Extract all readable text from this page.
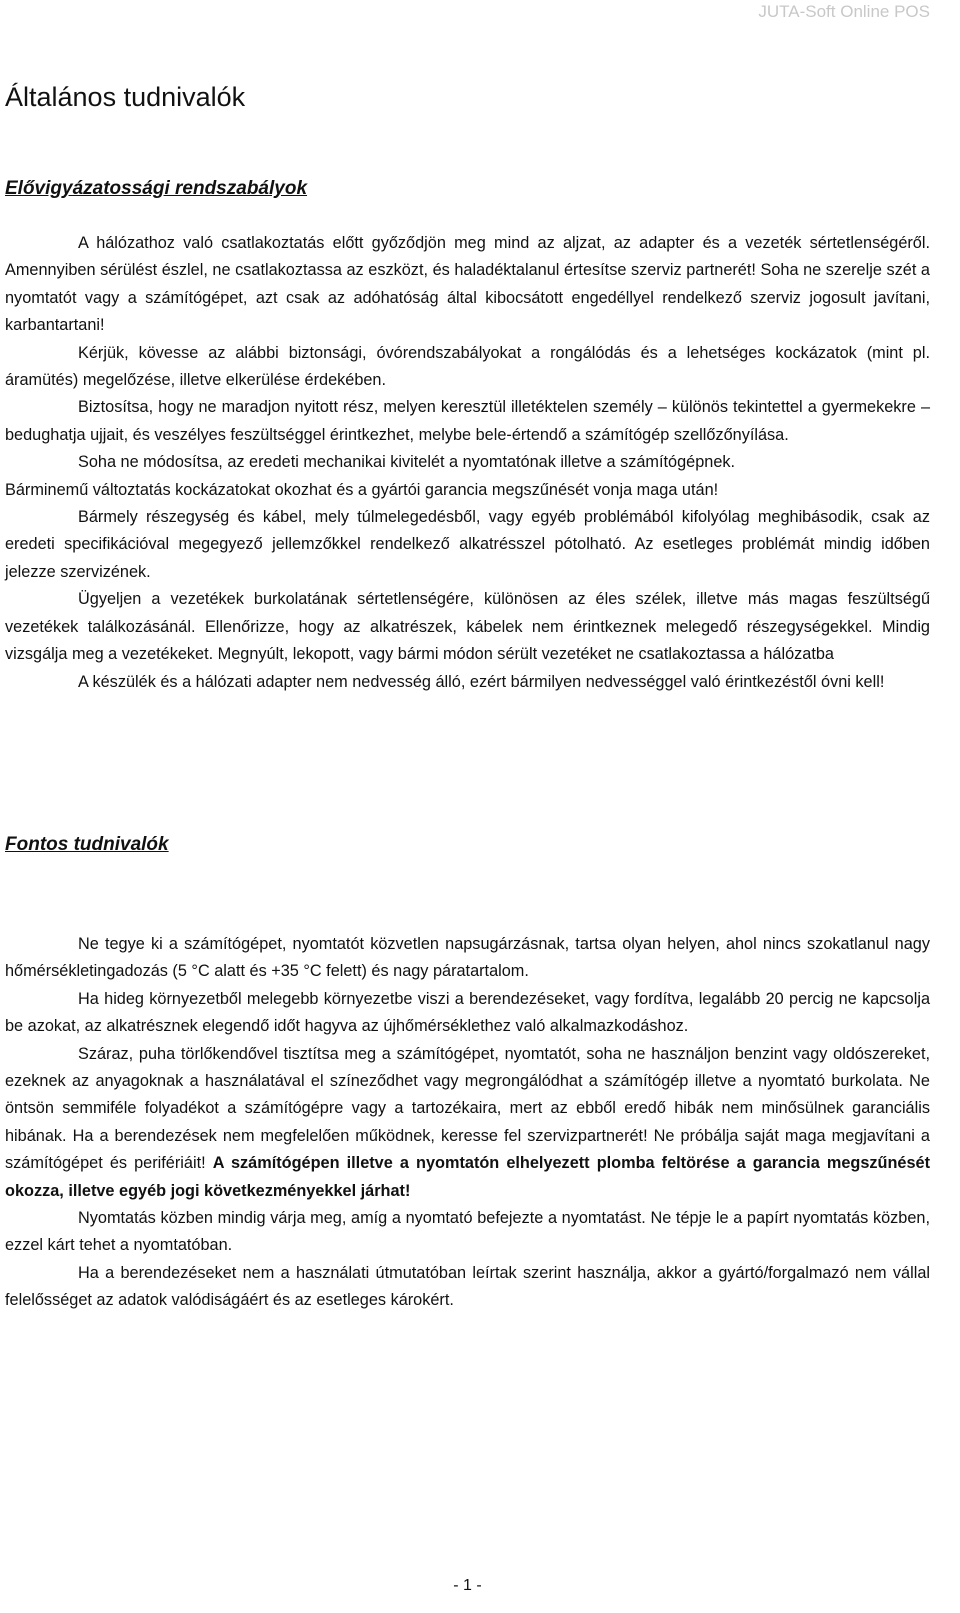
JUTA-Soft Online POS
Általános tudnivalók
Elővigyázatossági rendszabályok

A hálózathoz való csatlakoztatás előtt győződjön meg mind az aljzat, az adapter és a vezeték sértetlenségéről. Amennyiben sérülést észlel, ne csatlakoztassa az eszközt, és haladéktalanul értesítse szerviz partnerét! Soha ne szerelje szét a nyomtatót vagy a számítógépet, azt csak az adóhatóság által kibocsátott engedéllyel rendelkező szerviz jogosult javítani, karbantartani!

Kérjük, kövesse az alábbi biztonsági, óvórendszabályokat a rongálódás és a lehetséges kockázatok (mint pl. áramütés) megelőzése, illetve elkerülése érdekében.

Biztosítsa, hogy ne maradjon nyitott rész, melyen keresztül illetéktelen személy – különös tekintettel a gyermekekre – bedughatja ujjait, és veszélyes feszültséggel érintkezhet, melybe bele-értendő a számítógép szellőzőnyílása.

Soha ne módosítsa, az eredeti mechanikai kivitelét a nyomtatónak illetve a számítógépnek.

Bárminemű változtatás kockázatokat okozhat és a gyártói garancia megszűnését vonja maga után!

Bármely részegység és kábel, mely túlmelegedésből, vagy egyéb problémából kifolyólag meghibásodik, csak az eredeti specifikációval megegyező jellemzőkkel rendelkező alkatrésszel pótolható. Az esetleges problémát mindig időben jelezze szervizének.

Ügyeljen a vezetékek burkolatának sértetlenségére, különösen az éles szélek, illetve más magas feszültségű vezetékek találkozásánál. Ellenőrizze, hogy az alkatrészek, kábelek nem érintkeznek melegedő részegységekkel. Mindig vizsgálja meg a vezetékeket. Megnyúlt, lekopott, vagy bármi módon sérült vezetéket ne csatlakoztassa a hálózatba

A készülék és a hálózati adapter nem nedvesség álló, ezért bármilyen nedvességgel való érintkezéstől óvni kell!

Fontos tudnivalók

Ne tegye ki a számítógépet, nyomtatót közvetlen napsugárzásnak, tartsa olyan helyen, ahol nincs szokatlanul nagy hőmérsékletingadozás (5 °C alatt és +35 °C felett) és nagy páratartalom.

Ha hideg környezetből melegebb környezetbe viszi a berendezéseket, vagy fordítva, legalább 20 percig ne kapcsolja be azokat, az alkatrésznek elegendő időt hagyva az újhőmérséklethez való alkalmazkodáshoz.

Száraz, puha törlőkendővel tisztítsa meg a számítógépet, nyomtatót, soha ne használjon benzint vagy oldószereket, ezeknek az anyagoknak a használatával el színeződhet vagy megrongálódhat a számítógép illetve a nyomtató burkolata. Ne öntsön semmiféle folyadékot a számítógépre vagy a tartozékaira, mert az ebből eredő hibák nem minősülnek garanciális hibának. Ha a berendezések nem megfelelően működnek, keresse fel szervizpartnerét! Ne próbálja saját maga megjavítani a számítógépet és perifériáit! A számítógépen illetve a nyomtatón elhelyezett plomba feltörése a garancia megszűnését okozza, illetve egyéb jogi következményekkel járhat!

Nyomtatás közben mindig várja meg, amíg a nyomtató befejezte a nyomtatást. Ne tépje le a papírt nyomtatás közben, ezzel kárt tehet a nyomtatóban.

Ha a berendezéseket nem a használati útmutatóban leírtak szerint használja, akkor a gyártó/forgalmazó nem vállal felelősséget az adatok valódiságáért és az esetleges károkért.

- 1 -
